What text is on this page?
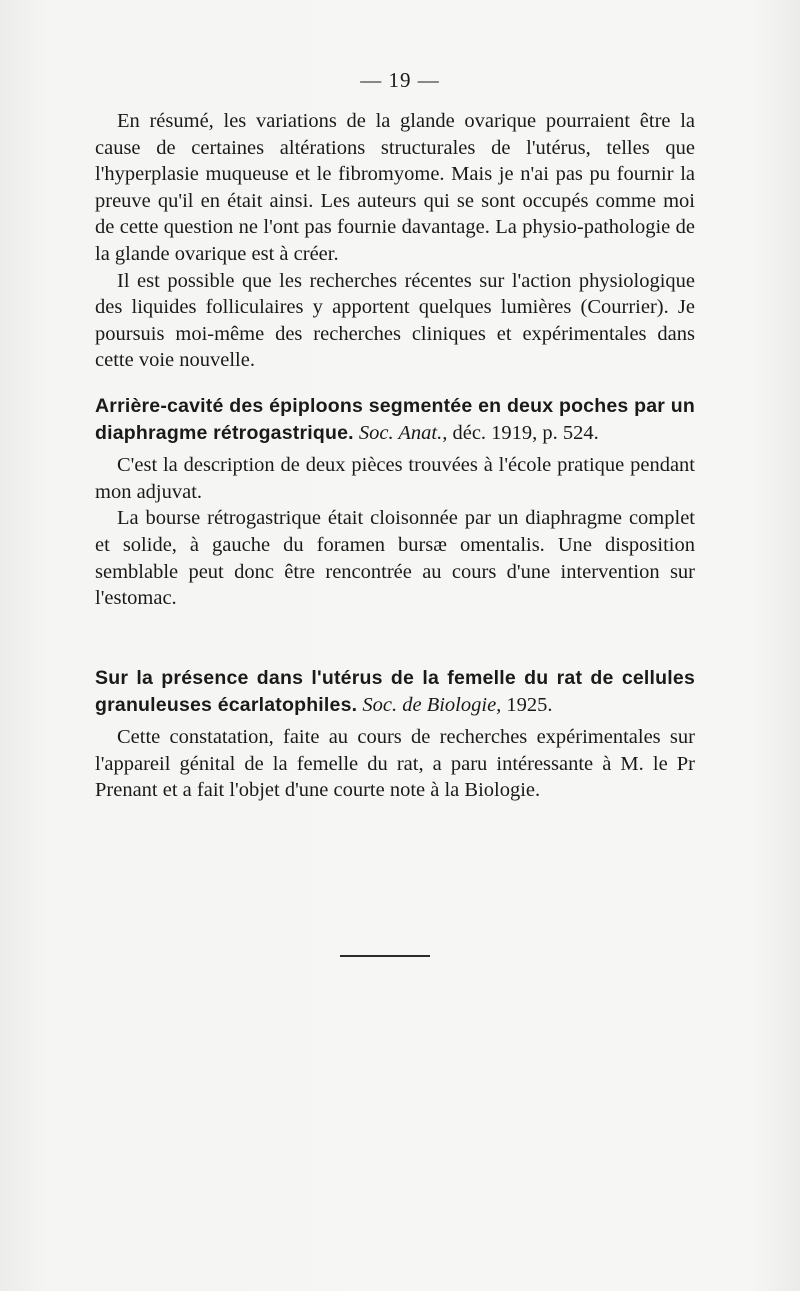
— 19 —

En résumé, les variations de la glande ovarique pourraient être la cause de certaines altérations structurales de l'utérus, telles que l'hyperplasie muqueuse et le fibromyome. Mais je n'ai pas pu fournir la preuve qu'il en était ainsi. Les auteurs qui se sont occupés comme moi de cette question ne l'ont pas fournie davantage. La physio-pathologie de la glande ovarique est à créer.

Il est possible que les recherches récentes sur l'action physiologique des liquides folliculaires y apportent quelques lumières (Courrier). Je poursuis moi-même des recherches cliniques et expérimentales dans cette voie nouvelle.

Arrière-cavité des épiploons segmentée en deux poches par un diaphragme rétrogastrique. Soc. Anat., déc. 1919, p. 524.

C'est la description de deux pièces trouvées à l'école pratique pendant mon adjuvat.

La bourse rétrogastrique était cloisonnée par un diaphragme complet et solide, à gauche du foramen bursæ omentalis. Une disposition semblable peut donc être rencontrée au cours d'une intervention sur l'estomac.

Sur la présence dans l'utérus de la femelle du rat de cellules granuleuses écarlatophiles. Soc. de Biologie, 1925.

Cette constatation, faite au cours de recherches expérimentales sur l'appareil génital de la femelle du rat, a paru intéressante à M. le Pr Prenant et a fait l'objet d'une courte note à la Biologie.
